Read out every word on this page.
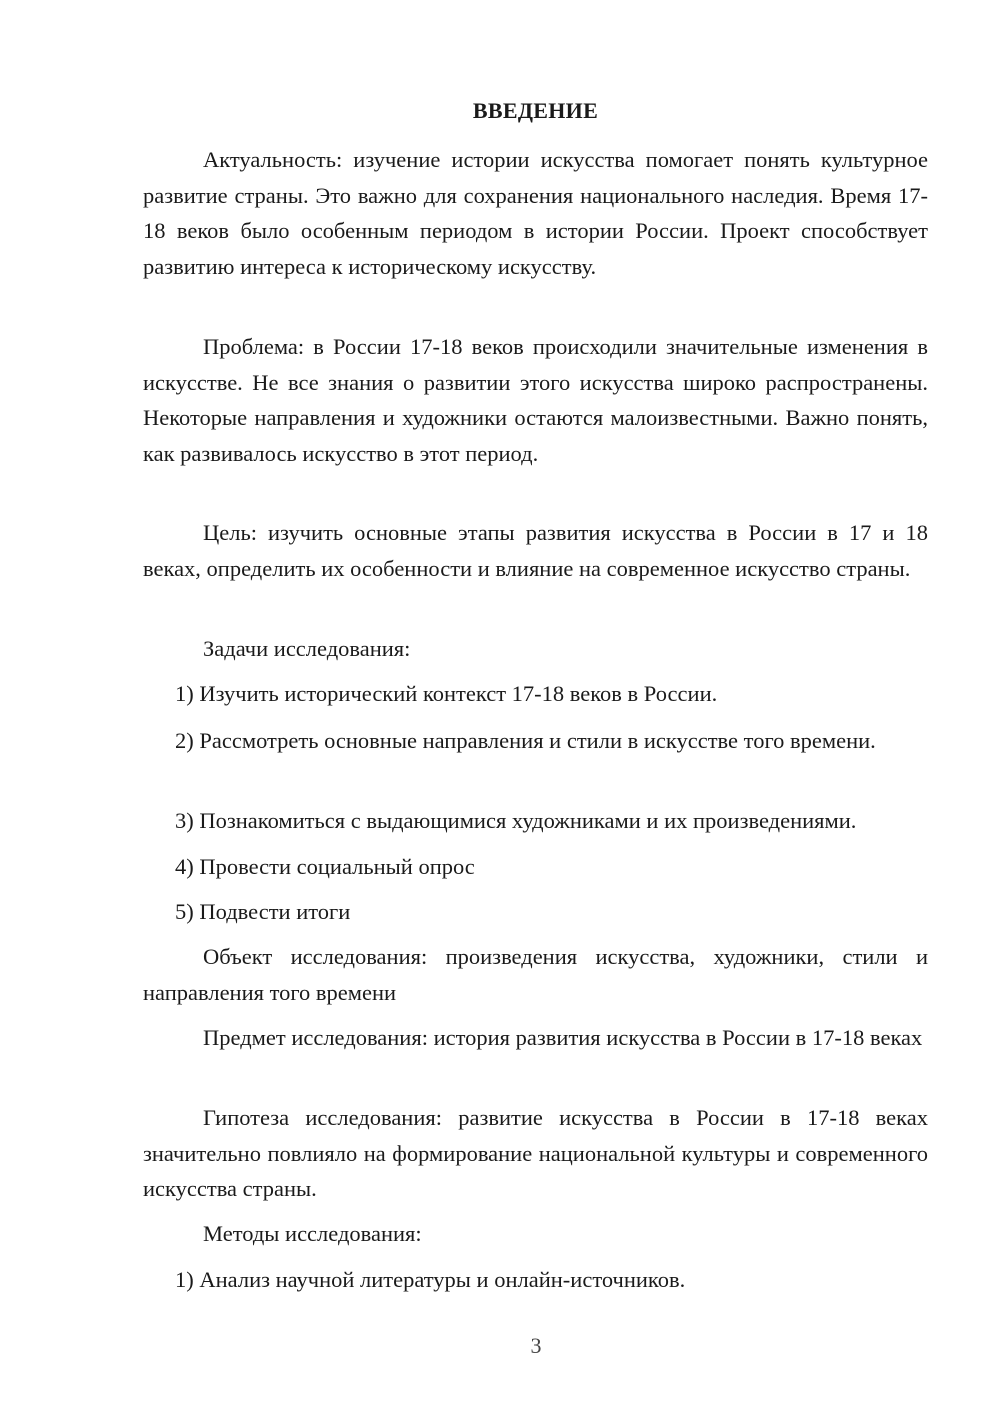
ВВЕДЕНИЕ

Актуальность: изучение истории искусства помогает понять культурное развитие страны. Это важно для сохранения национального наследия. Время 17-18 веков было особенным периодом в истории России. Проект способствует развитию интереса к историческому искусству.

Проблема: в России 17-18 веков происходили значительные изменения в искусстве. Не все знания о развитии этого искусства широко распространены. Некоторые направления и художники остаются малоизвестными. Важно понять, как развивалось искусство в этот период.

Цель: изучить основные этапы развития искусства в России в 17 и 18 веках, определить их особенности и влияние на современное искусство страны.

Задачи исследования:

1) Изучить исторический контекст 17-18 веков в России.

2) Рассмотреть основные направления и стили в искусстве того времени.

3) Познакомиться с выдающимися художниками и их произведениями.

4) Провести социальный опрос

5) Подвести итоги

Объект исследования: произведения искусства, художники, стили и направления того времени

Предмет исследования: история развития искусства в России в 17-18 веках

Гипотеза исследования: развитие искусства в России в 17-18 веках значительно повлияло на формирование национальной культуры и современного искусства страны.

Методы исследования:

1) Анализ научной литературы и онлайн-источников.

3
